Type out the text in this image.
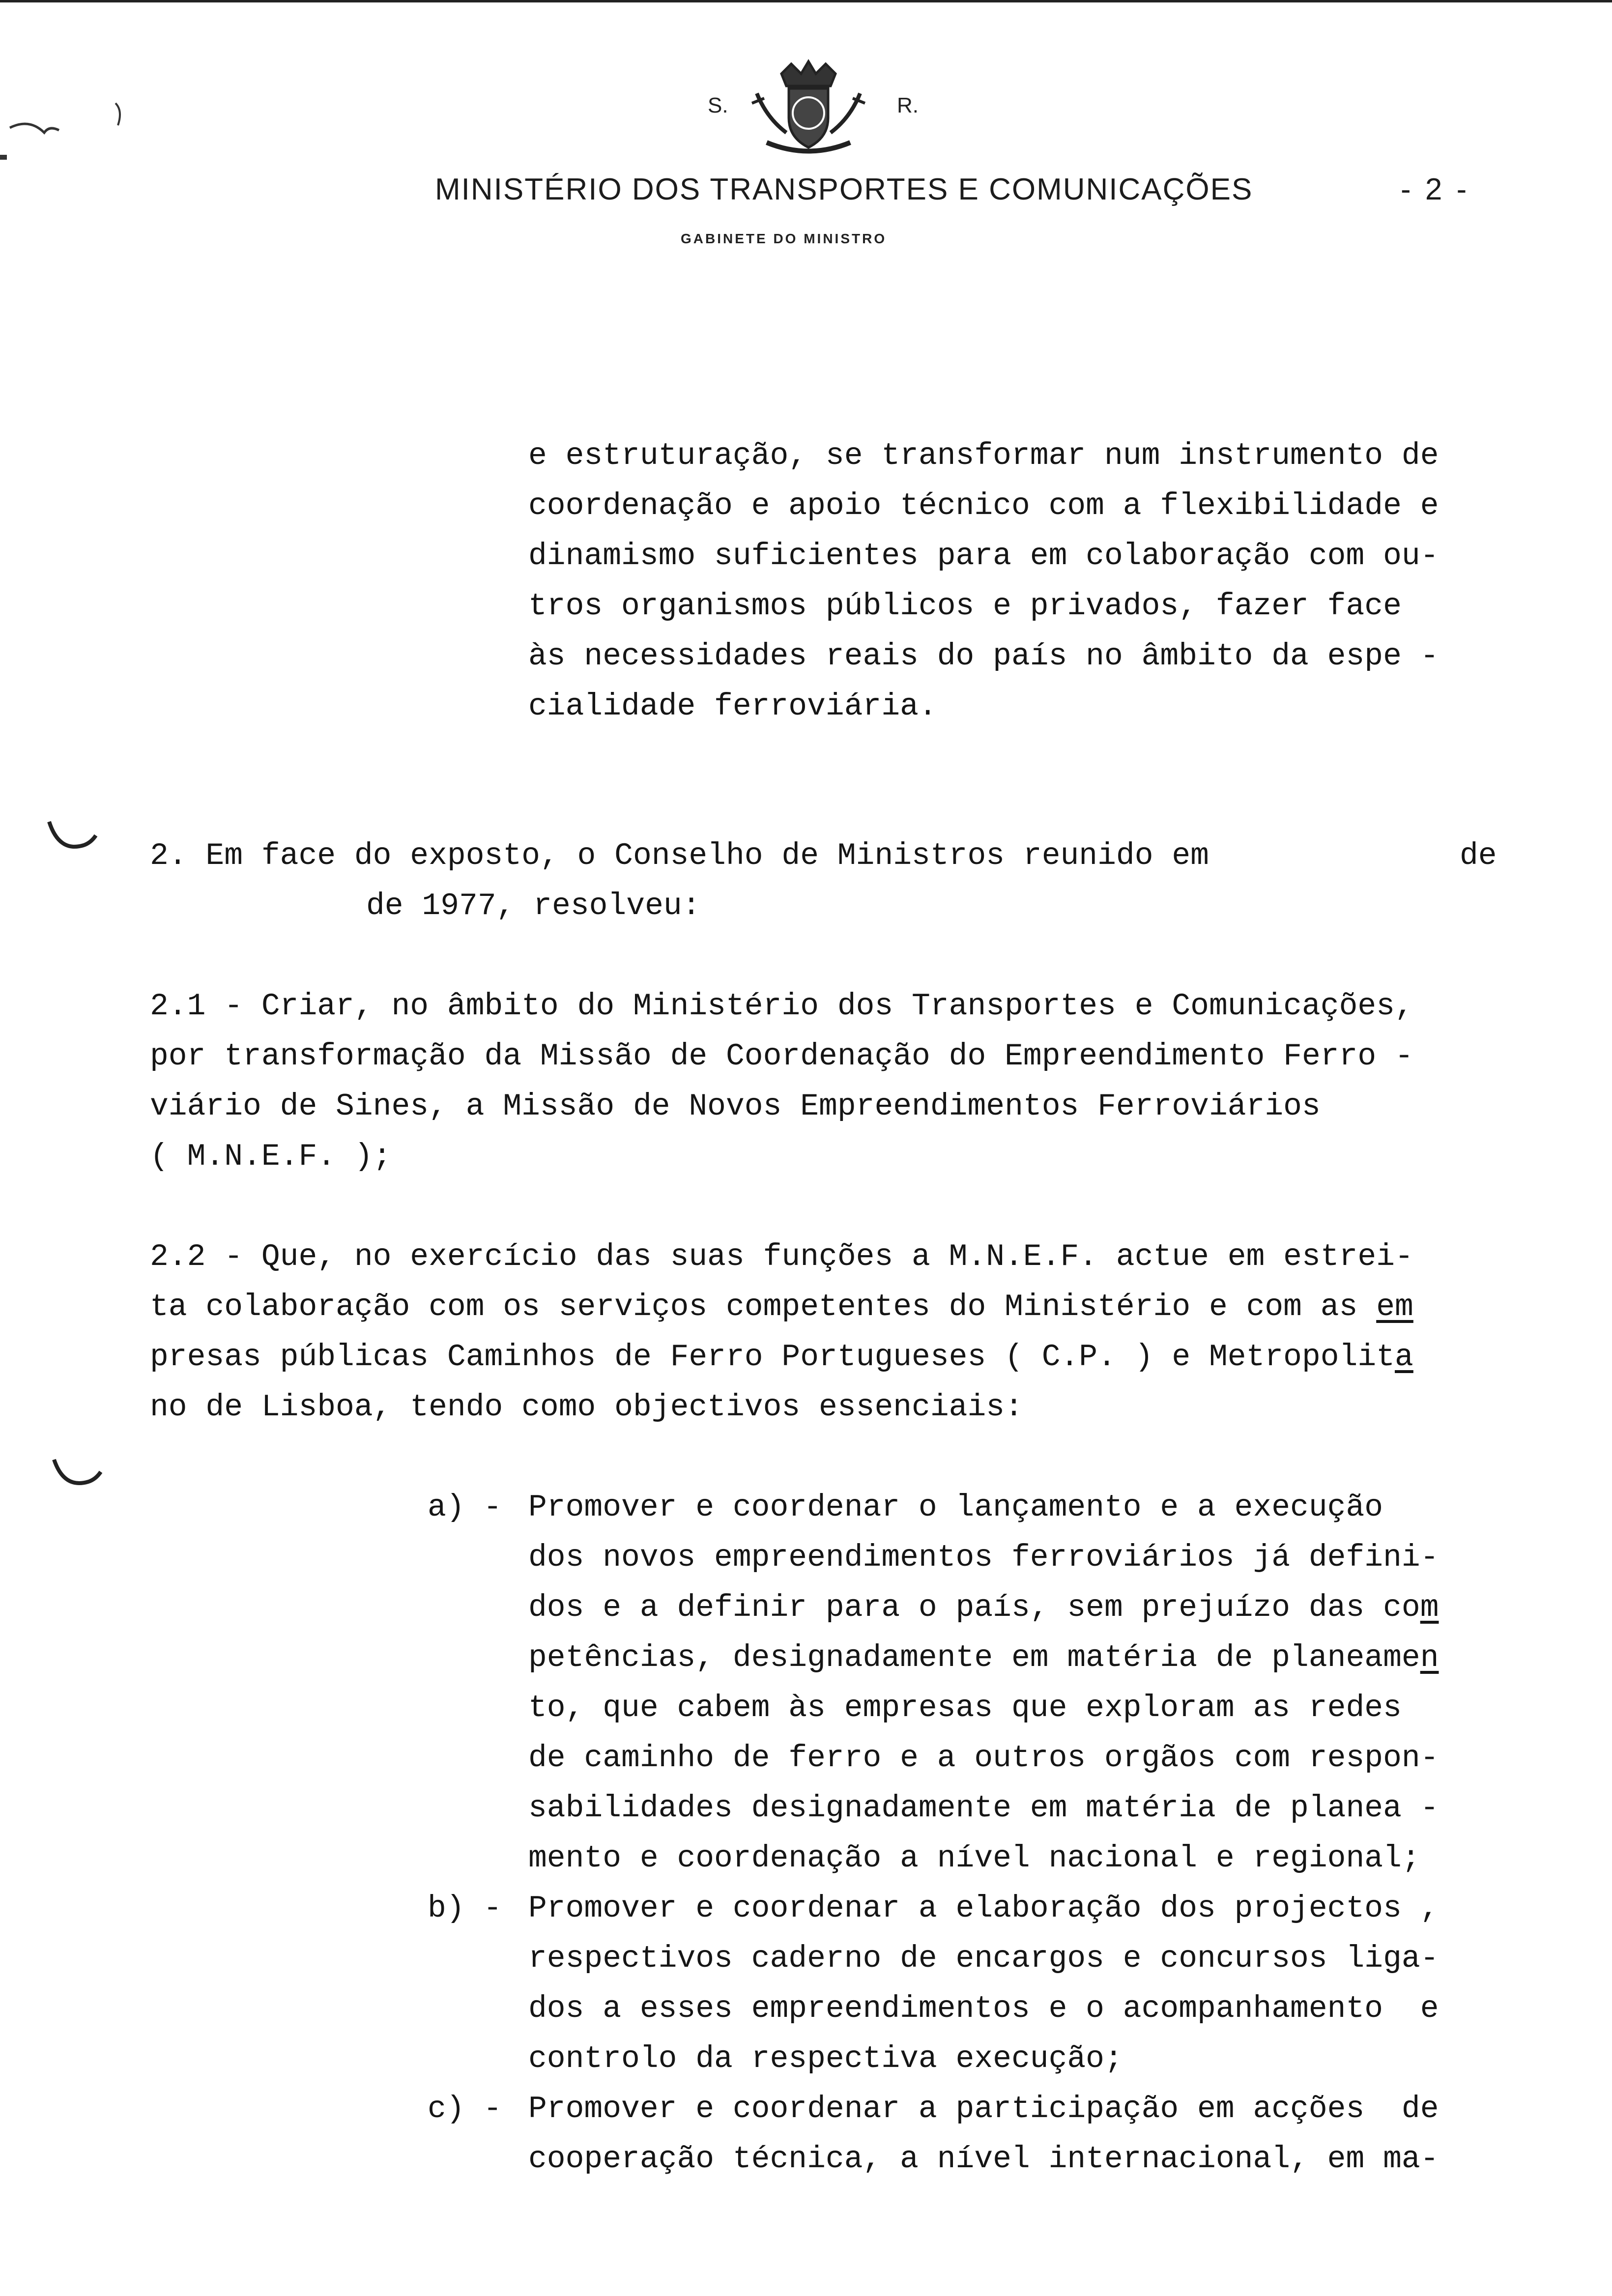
S.	R.
MINISTÉRIO DOS TRANSPORTES E COMUNICAÇÕES	- 2 -
GABINETE DO MINISTRO
e estruturação, se transformar num instrumento de
coordenação e apoio técnico com a flexibilidade e
dinamismo suficientes para em colaboração com ou-
tros organismos públicos e privados, fazer face
às necessidades reais do país no âmbito da espe -
cialidade ferroviária.
2. Em face do exposto, o Conselho de Ministros reunido em	de
de 1977, resolveu:
2.1 - Criar, no âmbito do Ministério dos Transportes e Comunicações,
por transformação da Missão de Coordenação do Empreendimento Ferro -
viário de Sines, a Missão de Novos Empreendimentos Ferroviários
( M.N.E.F. );
2.2 - Que, no exercício das suas funções a M.N.E.F. actue em estrei-
ta colaboração com os serviços competentes do Ministério e com as em
presas públicas Caminhos de Ferro Portugueses ( C.P. ) e Metropolita
no de Lisboa, tendo como objectivos essenciais:
a) - Promover e coordenar o lançamento e a execução
dos novos empreendimentos ferroviários já defini-
dos e a definir para o país, sem prejuízo das com
petências, designadamente em matéria de planeamen
to, que cabem às empresas que exploram as redes
de caminho de ferro e a outros orgãos com respon-
sabilidades designadamente em matéria de planea -
mento e coordenação a nível nacional e regional;
b) - Promover e coordenar a elaboração dos projectos ,
respectivos caderno de encargos e concursos liga-
dos a esses empreendimentos e o acompanhamento  e
controlo da respectiva execução;
c) - Promover e coordenar a participação em acções  de
cooperação técnica, a nível internacional, em ma-
